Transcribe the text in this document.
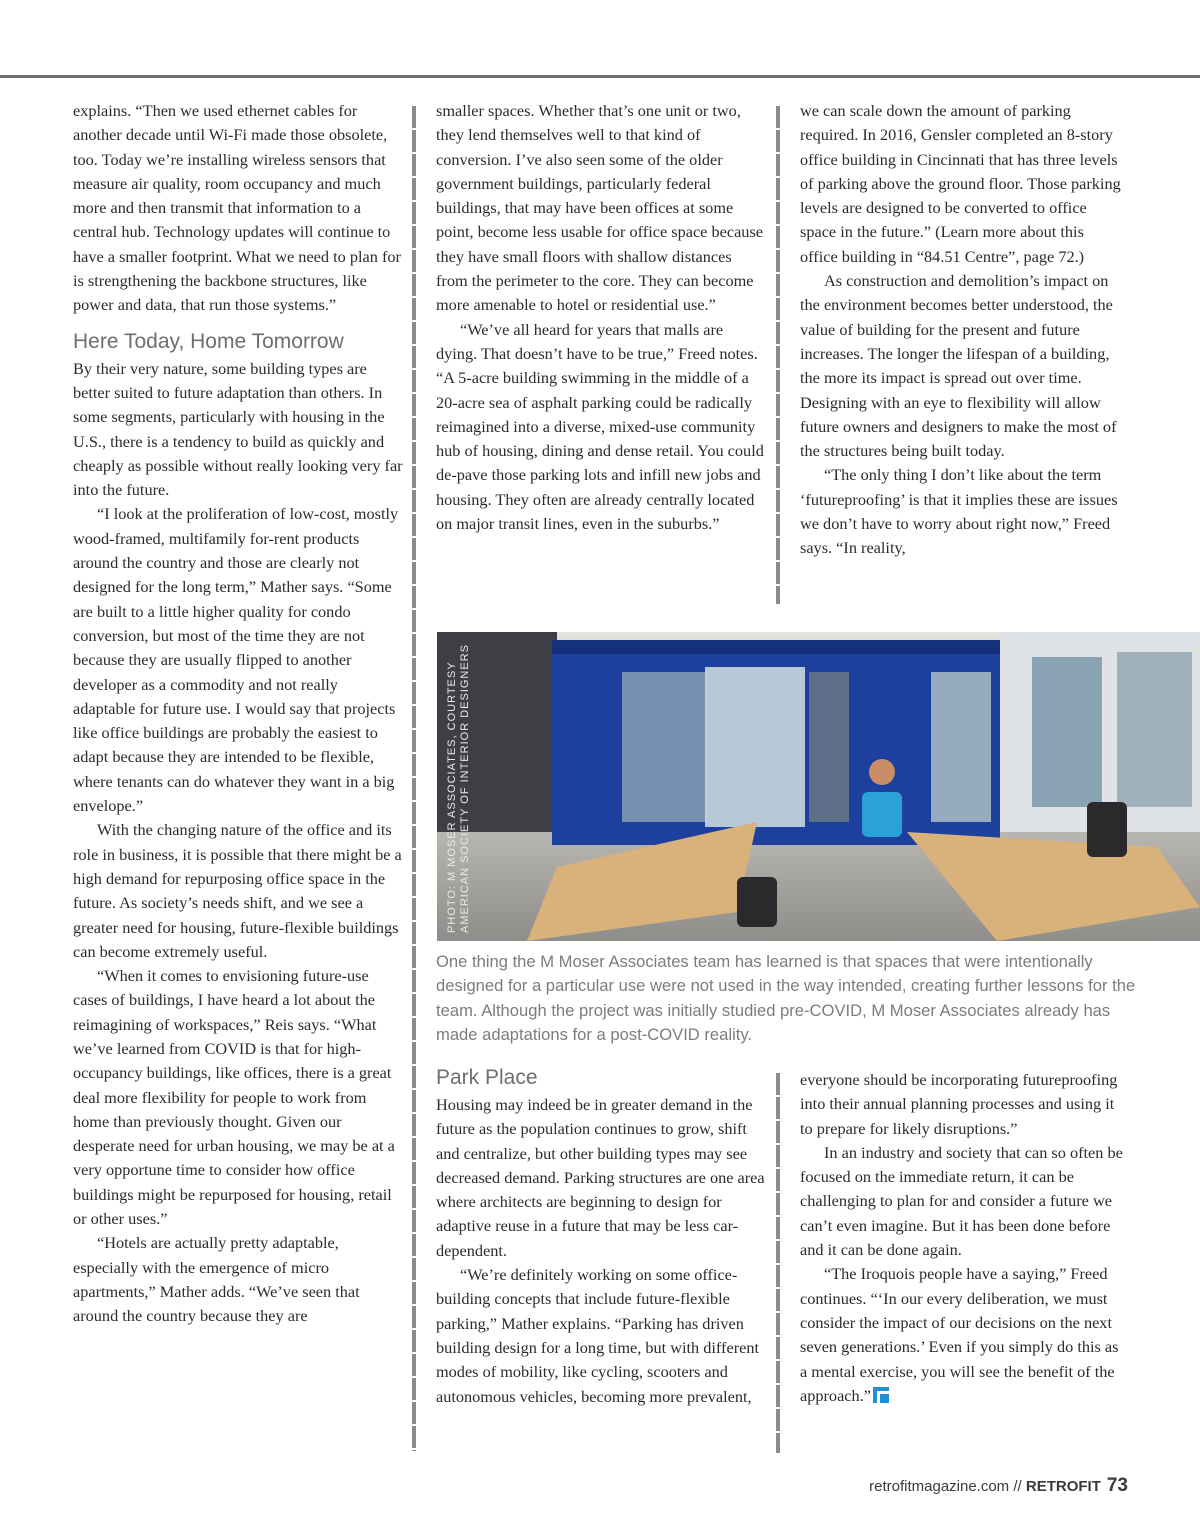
explains. “Then we used ethernet cables for another decade until Wi-Fi made those obsolete, too. Today we’re installing wireless sensors that measure air quality, room occupancy and much more and then transmit that information to a central hub. Technology updates will continue to have a smaller footprint. What we need to plan for is strengthening the backbone structures, like power and data, that run those systems.”

Here Today, Home Tomorrow

By their very nature, some building types are better suited to future adaptation than others. In some segments, particularly with housing in the U.S., there is a tendency to build as quickly and cheaply as possible without really looking very far into the future.

“I look at the proliferation of low-cost, mostly wood-framed, multifamily for-rent products around the country and those are clearly not designed for the long term,” Mather says. “Some are built to a little higher quality for condo conversion, but most of the time they are not because they are usually flipped to another developer as a commodity and not really adaptable for future use. I would say that projects like office buildings are probably the easiest to adapt because they are intended to be flexible, where tenants can do whatever they want in a big envelope.”

With the changing nature of the office and its role in business, it is possible that there might be a high demand for repurposing office space in the future. As society’s needs shift, and we see a greater need for housing, future-flexible buildings can become extremely useful.

“When it comes to envisioning future-use cases of buildings, I have heard a lot about the reimagining of workspaces,” Reis says. “What we’ve learned from COVID is that for high-occupancy buildings, like offices, there is a great deal more flexibility for people to work from home than previously thought. Given our desperate need for urban housing, we may be at a very opportune time to consider how office buildings might be repurposed for housing, retail or other uses.”

“Hotels are actually pretty adaptable, especially with the emergence of micro apartments,” Mather adds. “We’ve seen that around the country because they are

smaller spaces. Whether that’s one unit or two, they lend themselves well to that kind of conversion. I’ve also seen some of the older government buildings, particularly federal buildings, that may have been offices at some point, become less usable for office space because they have small floors with shallow distances from the perimeter to the core. They can become more amenable to hotel or residential use.”

“We’ve all heard for years that malls are dying. That doesn’t have to be true,” Freed notes. “A 5-acre building swimming in the middle of a 20-acre sea of asphalt parking could be radically reimagined into a diverse, mixed-use community hub of housing, dining and dense retail. You could de-pave those parking lots and infill new jobs and housing. They often are already centrally located on major transit lines, even in the suburbs.”

we can scale down the amount of parking required. In 2016, Gensler completed an 8-story office building in Cincinnati that has three levels of parking above the ground floor. Those parking levels are designed to be converted to office space in the future.” (Learn more about this office building in “84.51 Centre”, page 72.)

As construction and demolition’s impact on the environment becomes better understood, the value of building for the present and future increases. The longer the lifespan of a building, the more its impact is spread out over time. Designing with an eye to flexibility will allow future owners and designers to make the most of the structures being built today.

“The only thing I don’t like about the term ‘futureproofing’ is that it implies these are issues we don’t have to worry about right now,” Freed says. “In reality,

PHOTO: M MOSER ASSOCIATES, COURTESY AMERICAN SOCIETY OF INTERIOR DESIGNERS
One thing the M Moser Associates team has learned is that spaces that were intentionally designed for a particular use were not used in the way intended, creating further lessons for the team. Although the project was initially studied pre-COVID, M Moser Associates already has made adaptations for a post-COVID reality.
Park Place

Housing may indeed be in greater demand in the future as the population continues to grow, shift and centralize, but other building types may see decreased demand. Parking structures are one area where architects are beginning to design for adaptive reuse in a future that may be less car-dependent.

“We’re definitely working on some office-building concepts that include future-flexible parking,” Mather explains. “Parking has driven building design for a long time, but with different modes of mobility, like cycling, scooters and autonomous vehicles, becoming more prevalent,

everyone should be incorporating futureproofing into their annual planning processes and using it to prepare for likely disruptions.”

In an industry and society that can so often be focused on the immediate return, it can be challenging to plan for and consider a future we can’t even imagine. But it has been done before and it can be done again.

“The Iroquois people have a saying,” Freed continues. “‘In our every deliberation, we must consider the impact of our decisions on the next seven generations.’ Even if you simply do this as a mental exercise, you will see the benefit of the approach.”

retrofitmagazine.com // RETROFIT 73
